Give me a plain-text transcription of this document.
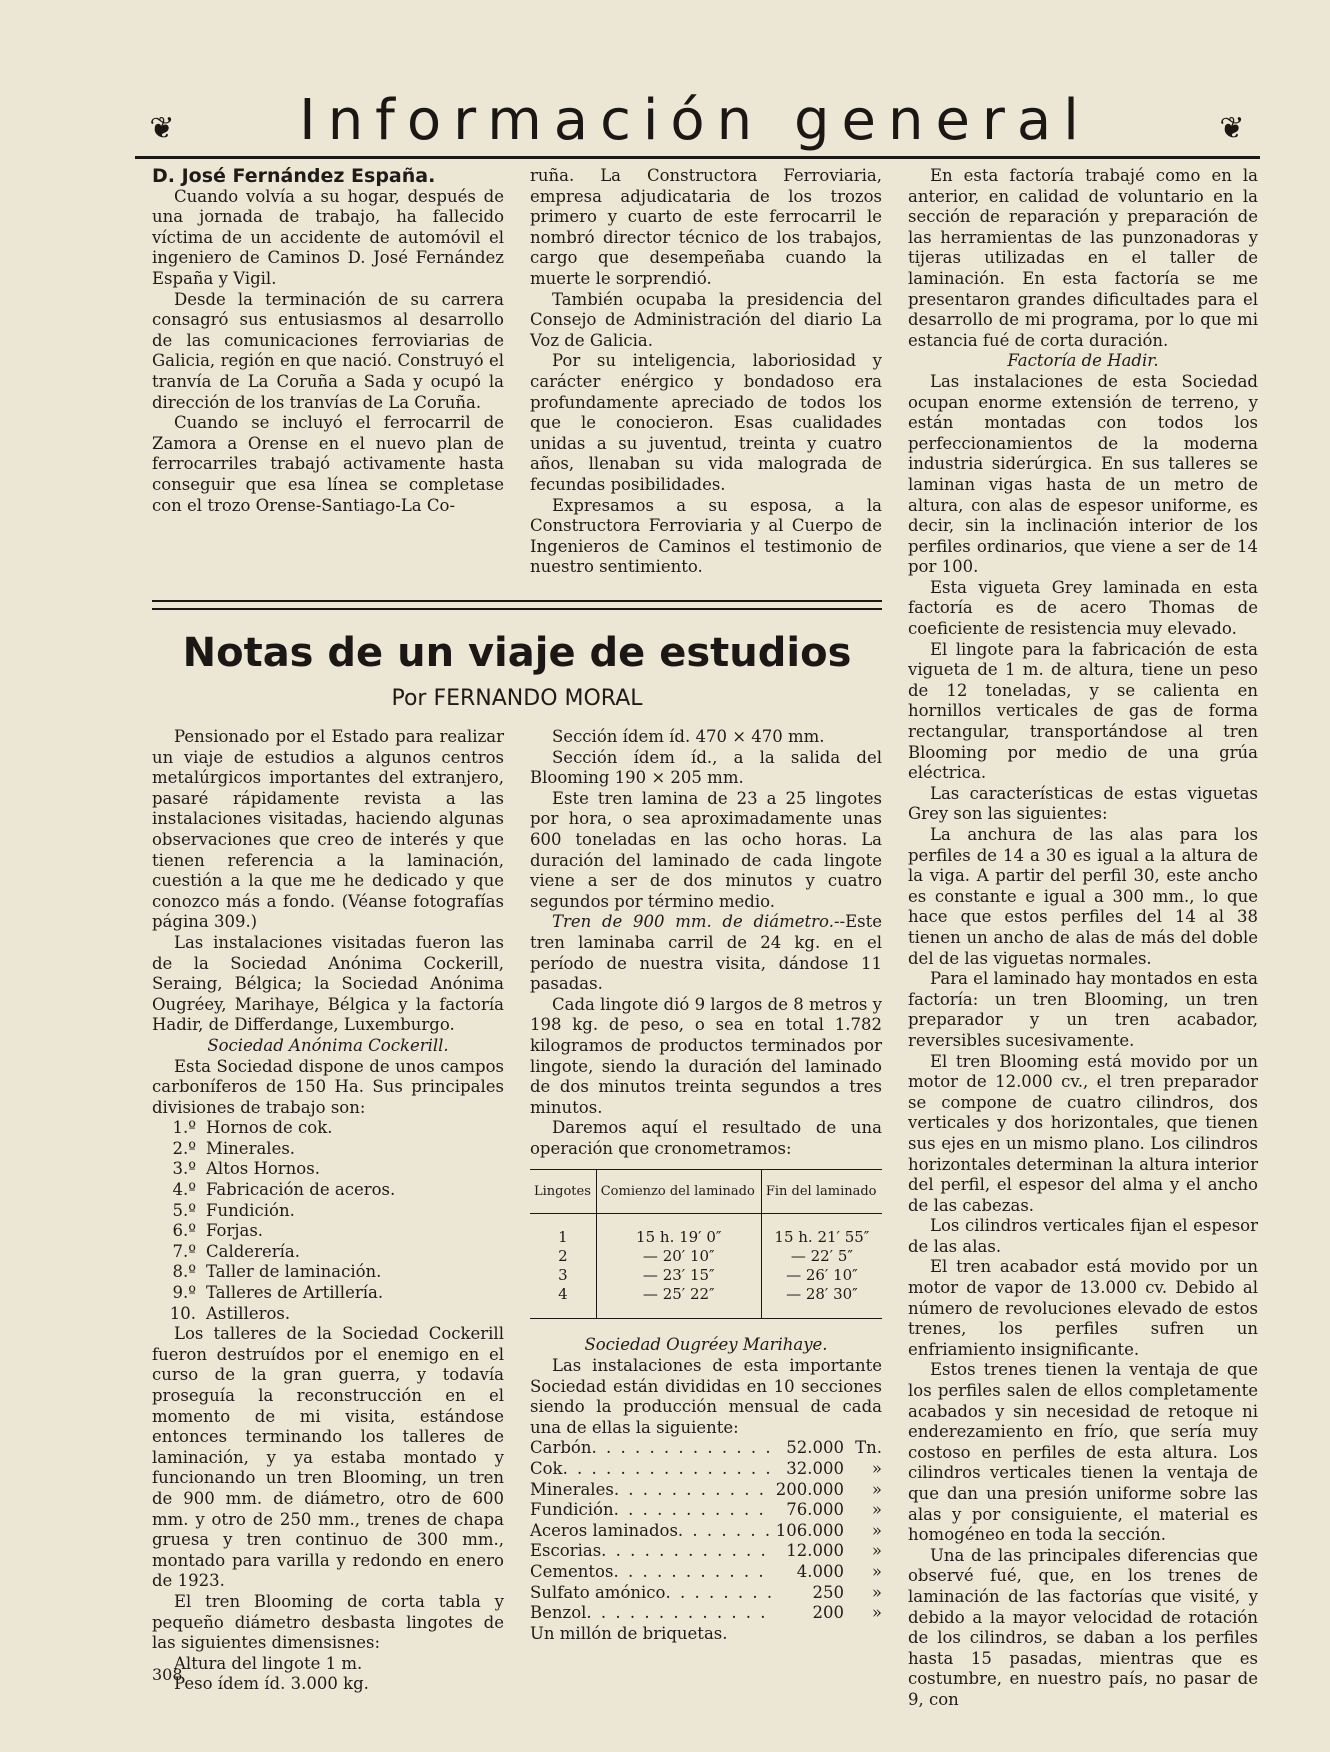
❦	Información general	❦

D. José Fernández España.

Cuando volvía a su hogar, después de una jornada de trabajo, ha fallecido víctima de un accidente de automóvil el ingeniero de Caminos D. José Fernández España y Vigil.

Desde la terminación de su carrera consagró sus entusiasmos al desarrollo de las comunicaciones ferroviarias de Galicia, región en que nació. Construyó el tranvía de La Coruña a Sada y ocupó la dirección de los tranvías de La Coruña.

Cuando se incluyó el ferrocarril de Zamora a Orense en el nuevo plan de ferrocarriles trabajó activamente hasta conseguir que esa línea se completase con el trozo Orense-Santiago-La Co-

ruña. La Constructora Ferroviaria, empresa adjudicataria de los trozos primero y cuarto de este ferrocarril le nombró director técnico de los trabajos, cargo que desempeñaba cuando la muerte le sorprendió.

También ocupaba la presidencia del Consejo de Administración del diario La Voz de Galicia.

Por su inteligencia, laboriosidad y carácter enérgico y bondadoso era profundamente apreciado de todos los que le conocieron. Esas cualidades unidas a su juventud, treinta y cuatro años, llenaban su vida malograda de fecundas posibilidades.

Expresamos a su esposa, a la Constructora Ferroviaria y al Cuerpo de Ingenieros de Caminos el testimonio de nuestro sentimiento.

Notas de un viaje de estudios
Por FERNANDO MORAL

Pensionado por el Estado para realizar un viaje de estudios a algunos centros metalúrgicos importantes del extranjero, pasaré rápidamente revista a las instalaciones visitadas, haciendo algunas observaciones que creo de interés y que tienen referencia a la laminación, cuestión a la que me he dedicado y que conozco más a fondo. (Véanse fotografías página 309.)

Las instalaciones visitadas fueron las de la Sociedad Anónima Cockerill, Seraing, Bélgica; la Sociedad Anónima Ougréey, Marihaye, Bélgica y la factoría Hadir, de Differdange, Luxemburgo.

Sociedad Anónima Cockerill.

Esta Sociedad dispone de unos campos carboníferos de 150 Ha. Sus principales divisiones de trabajo son:

1.º Hornos de cok.
2.º Minerales.
3.º Altos Hornos.
4.º Fabricación de aceros.
5.º Fundición.
6.º Forjas.
7.º Calderería.
8.º Taller de laminación.
9.º Talleres de Artillería.
10. Astilleros.

Los talleres de la Sociedad Cockerill fueron destruídos por el enemigo en el curso de la gran guerra, y todavía proseguía la reconstrucción en el momento de mi visita, estándose entonces terminando los talleres de laminación, y ya estaba montado y funcionando un tren Blooming, un tren de 900 mm. de diámetro, otro de 600 mm. y otro de 250 mm., trenes de chapa gruesa y tren continuo de 300 mm., montado para varilla y redondo en enero de 1923.

El tren Blooming de corta tabla y pequeño diámetro desbasta lingotes de las siguientes dimensisnes:

Altura del lingote 1 m.

Peso ídem íd. 3.000 kg.

Sección ídem íd. 470 × 470 mm.

Sección ídem íd., a la salida del Blooming 190 × 205 mm.

Este tren lamina de 23 a 25 lingotes por hora, o sea aproximadamente unas 600 toneladas en las ocho horas. La duración del laminado de cada lingote viene a ser de dos minutos y cuatro segundos por término medio.

Tren de 900 mm. de diámetro.--Este tren laminaba carril de 24 kg. en el período de nuestra visita, dándose 11 pasadas.

Cada lingote dió 9 largos de 8 metros y 198 kg. de peso, o sea en total 1.782 kilogramos de productos terminados por lingote, siendo la duración del laminado de dos minutos treinta segundos a tres minutos.

Daremos aquí el resultado de una operación que cronometramos:

Lingotes	Comienzo del laminado	Fin del laminado
1	15 h. 19′ 0″	15 h. 21′ 55″
2	— 20′ 10″	— 22′ 5″
3	— 23′ 15″	— 26′ 10″
4	— 25′ 22″	— 28′ 30″

Sociedad Ougréey Marihaye.

Las instalaciones de esta importante Sociedad están divididas en 10 secciones siendo la producción mensual de cada una de ellas la siguiente:

Carbón . . .	52.000 Tn.
Cok . . .	32.000	»
Minerales . . .	200.000	»
Fundición . . .	76.000	»
Aceros laminados . . .	106.000	»
Escorias . . .	12.000	»
Cementos . . .	4.000	»
Sulfato amónico . . .	250	»
Benzol . . .	200	»

Un millón de briquetas.

En esta factoría trabajé como en la anterior, en calidad de voluntario en la sección de reparación y preparación de las herramientas de las punzonadoras y tijeras utilizadas en el taller de laminación. En esta factoría se me presentaron grandes dificultades para el desarrollo de mi programa, por lo que mi estancia fué de corta duración.

Factoría de Hadir.

Las instalaciones de esta Sociedad ocupan enorme extensión de terreno, y están montadas con todos los perfeccionamientos de la moderna industria siderúrgica. En sus talleres se laminan vigas hasta de un metro de altura, con alas de espesor uniforme, es decir, sin la inclinación interior de los perfiles ordinarios, que viene a ser de 14 por 100.

Esta vigueta Grey laminada en esta factoría es de acero Thomas de coeficiente de resistencia muy elevado.

El lingote para la fabricación de esta vigueta de 1 m. de altura, tiene un peso de 12 toneladas, y se calienta en hornillos verticales de gas de forma rectangular, transportándose al tren Blooming por medio de una grúa eléctrica.

Las características de estas viguetas Grey son las siguientes:

La anchura de las alas para los perfiles de 14 a 30 es igual a la altura de la viga. A partir del perfil 30, este ancho es constante e igual a 300 mm., lo que hace que estos perfiles del 14 al 38 tienen un ancho de alas de más del doble del de las viguetas normales.

Para el laminado hay montados en esta factoría: un tren Blooming, un tren preparador y un tren acabador, reversibles sucesivamente.

El tren Blooming está movido por un motor de 12.000 cv., el tren preparador se compone de cuatro cilindros, dos verticales y dos horizontales, que tienen sus ejes en un mismo plano. Los cilindros horizontales determinan la altura interior del perfil, el espesor del alma y el ancho de las cabezas.

Los cilindros verticales fijan el espesor de las alas.

El tren acabador está movido por un motor de vapor de 13.000 cv. Debido al número de revoluciones elevado de estos trenes, los perfiles sufren un enfriamiento insignificante.

Estos trenes tienen la ventaja de que los perfiles salen de ellos completamente acabados y sin necesidad de retoque ni enderezamiento en frío, que sería muy costoso en perfiles de esta altura. Los cilindros verticales tienen la ventaja de que dan una presión uniforme sobre las alas y por consiguiente, el material es homogéneo en toda la sección.

Una de las principales diferencias que observé fué, que, en los trenes de laminación de las factorías que visité, y debido a la mayor velocidad de rotación de los cilindros, se daban a los perfiles hasta 15 pasadas, mientras que es costumbre, en nuestro país, no pasar de 9, con

308
